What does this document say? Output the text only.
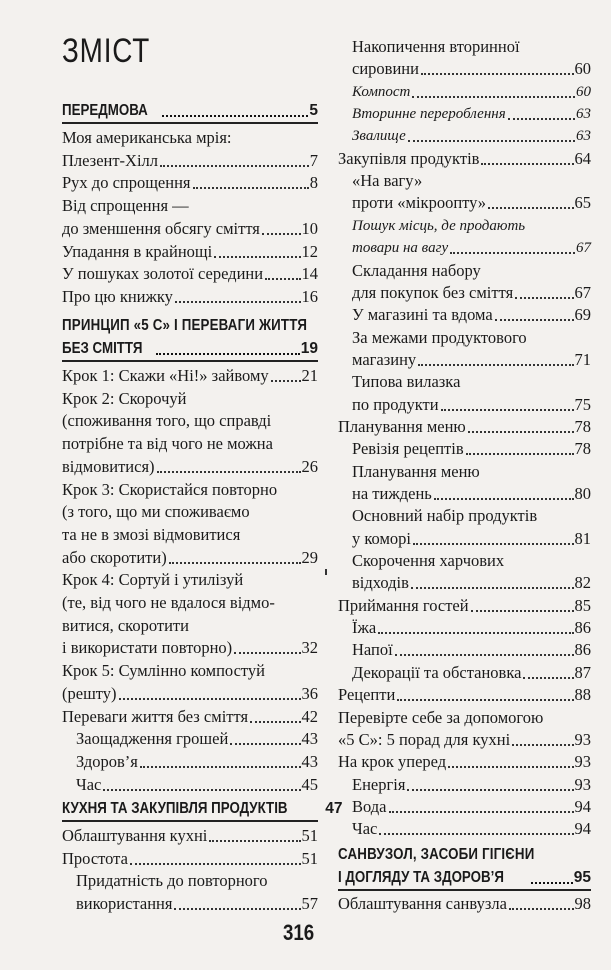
ЗМІСТ
ПЕРЕДМОВА	5
Моя американська мрія:
Плезент-Хілл	7
Рух до спрощення	8
Від спрощення —
до зменшення обсягу сміття	10
Упадання в крайнощі	12
У пошуках золотої середини 14
Про цю книжку	16
ПРИНЦИП «5 С» І ПЕРЕВАГИ ЖИТТЯ
БЕЗ СМІТТЯ	19
Крок 1: Скажи «Ні!» зайвому 21
Крок 2: Скорочуй
(споживання того, що справді
потрібне та від чого не можна
відмовитися)	26
Крок 3: Скористайся повторно
(з того, що ми споживаємо
та не в змозі відмовитися
або скоротити)	29
Крок 4: Сортуй і утилізуй
(те, від чого не вдалося відмо-
витися, скоротити
і використати повторно)	32
Крок 5: Сумлінно компостуй
(решту)	36
Переваги життя без сміття	42
Заощадження грошей	43
Здоров’я	43
Час	45
КУХНЯ ТА ЗАКУПІВЛЯ ПРОДУКТІВ 47
Облаштування кухні	51
Простота	51
Придатність до повторного
використання	57
Накопичення вторинної
сировини	60
Компост	60
Вторинне перероблення	63
Звалище	63
Закупівля продуктів	64
«На вагу»
проти «мікроопту»	65
Пошук місць, де продають
товари на вагу	67
Складання набору
для покупок без сміття	67
У магазині та вдома	69
За межами продуктового
магазину	71
Типова вилазка
по продукти	75
Планування меню	78
Ревізія рецептів	78
Планування меню
на тиждень	80
Основний набір продуктів
у коморі	81
Скорочення харчових
відходів	82
Приймання гостей	85
Їжа	86
Напої	86
Декорації та обстановка	87
Рецепти	88
Перевірте себе за допомогою
«5 С»: 5 порад для кухні	93
На крок уперед	93
Енергія	93
Вода	94
Час	94
САНВУЗОЛ, ЗАСОБИ ГІГІЄНИ
І ДОГЛЯДУ ТА ЗДОРОВ’Я	95
Облаштування санвузла	98
316
